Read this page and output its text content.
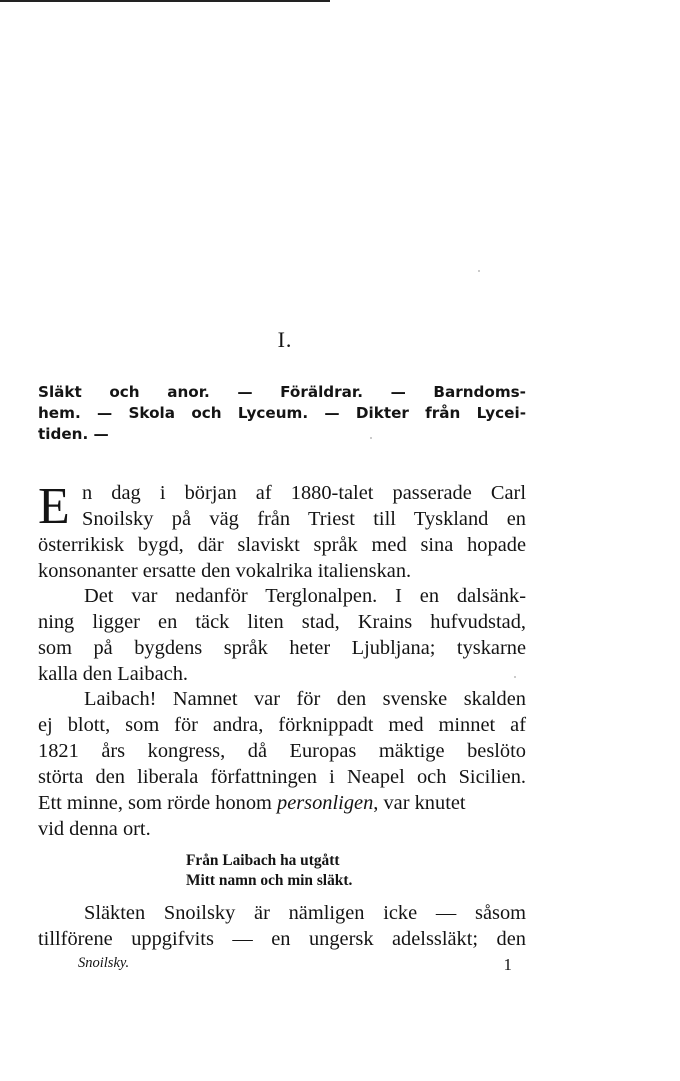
I.
Släkt och anor. — Föräldrar. — Barndoms-
hem. — Skola och Lyceum. — Dikter från Lycei-
tiden. —
E n dag i början af 1880-talet passerade Carl
Snoilsky på väg från Triest till Tyskland en
österrikisk bygd, där slaviskt språk med sina hopade
konsonanter ersatte den vokalrika italienskan.
Det var nedanför Terglonalpen. I en dalsänk-
ning ligger en täck liten stad, Krains hufvudstad,
som på bygdens språk heter Ljubljana; tyskarne
kalla den Laibach.
Laibach! Namnet var för den svenske skalden
ej blott, som för andra, förknippadt med minnet af
1821 års kongress, då Europas mäktige beslöto
störta den liberala författningen i Neapel och Sicilien.
Ett minne, som rörde honom personligen, var knutet
vid denna ort.
Från Laibach ha utgått
Mitt namn och min släkt.
Släkten Snoilsky är nämligen icke — såsom
tillförene uppgifvits — en ungersk adelssläkt; den
Snoilsky.	1
